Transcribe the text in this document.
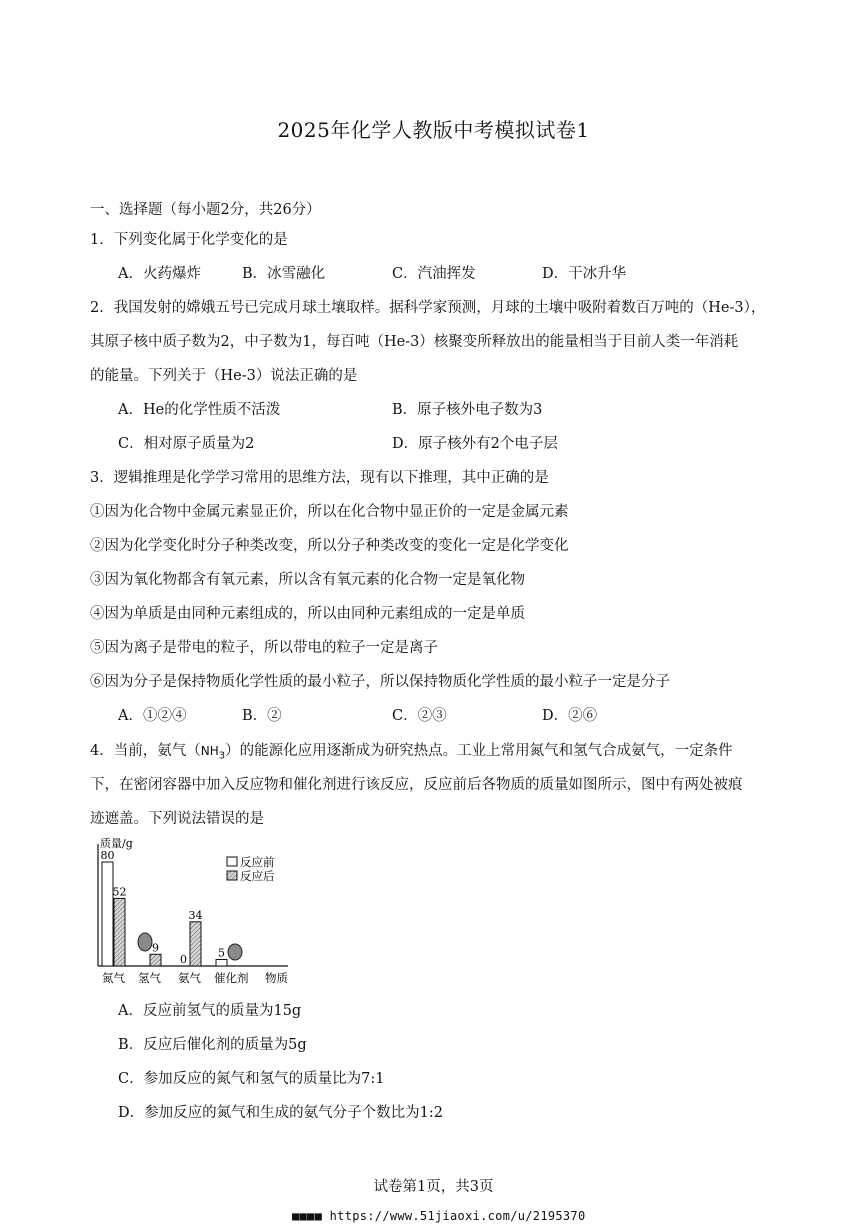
2025年化学人教版中考模拟试卷1
一、选择题（每小题2分，共26分）
1．下列变化属于化学变化的是
A．火药爆炸	B．冰雪融化	C．汽油挥发	D．干冰升华
2．我国发射的嫦娥五号已完成月球土壤取样。据科学家预测，月球的土壤中吸附着数百万吨的（He-3），
其原子核中质子数为2，中子数为1，每百吨（He-3）核聚变所释放出的能量相当于目前人类一年消耗
的能量。下列关于（He-3）说法正确的是
A．He的化学性质不活泼	B．原子核外电子数为3
C．相对原子质量为2	D．原子核外有2个电子层
3．逻辑推理是化学学习常用的思维方法，现有以下推理，其中正确的是
①因为化合物中金属元素显正价，所以在化合物中显正价的一定是金属元素
②因为化学变化时分子种类改变，所以分子种类改变的变化一定是化学变化
③因为氧化物都含有氧元素，所以含有氧元素的化合物一定是氧化物
④因为单质是由同种元素组成的，所以由同种元素组成的一定是单质
⑤因为离子是带电的粒子，所以带电的粒子一定是离子
⑥因为分子是保持物质化学性质的最小粒子，所以保持物质化学性质的最小粒子一定是分子
A．①②④	B．②	C．②③	D．②⑥
4．当前，氨气$(NH_3)$的能源化应用逐渐成为研究热点。工业上常用氮气和氢气合成氨气，一定条件
下，在密闭容器中加入反应物和催化剂进行该反应，反应前后各物质的质量如图所示，图中有两处被痕
迹遮盖。下列说法错误的是
质量/g
物质
氮气
80
52
氢气
9
氨气
0
34
催化剂
5
反应前
反应后
A．反应前氢气的质量为15g
B．反应后催化剂的质量为5g
C．参加反应的氮气和氢气的质量比为7:1
D．参加反应的氮气和生成的氨气分子个数比为1:2
试卷第1页，共3页
■■■■ https://www.51jiaoxi.com/u/2195370
